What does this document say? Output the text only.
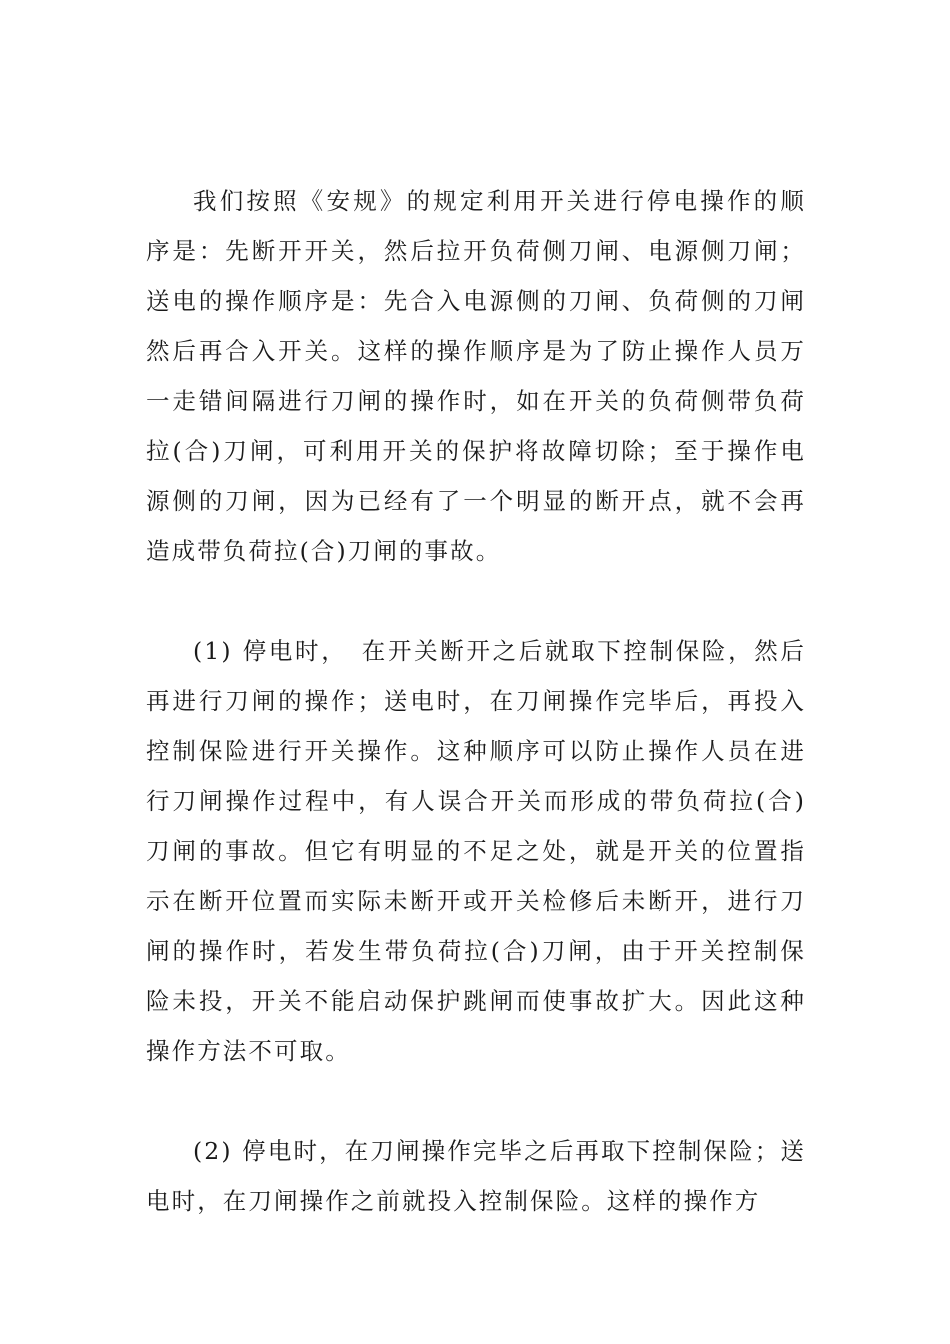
我们按照《安规》的规定利用开关进行停电操作的顺序是：先断开开关，然后拉开负荷侧刀闸、电源侧刀闸；送电的操作顺序是：先合入电源侧的刀闸、负荷侧的刀闸然后再合入开关。这样的操作顺序是为了防止操作人员万一走错间隔进行刀闸的操作时，如在开关的负荷侧带负荷拉(合)刀闸，可利用开关的保护将故障切除；至于操作电源侧的刀闸，因为已经有了一个明显的断开点，就不会再造成带负荷拉(合)刀闸的事故。

(1) 停电时，　在开关断开之后就取下控制保险，然后再进行刀闸的操作；送电时，在刀闸操作完毕后，再投入控制保险进行开关操作。这种顺序可以防止操作人员在进行刀闸操作过程中，有人误合开关而形成的带负荷拉(合)刀闸的事故。但它有明显的不足之处，就是开关的位置指示在断开位置而实际未断开或开关检修后未断开，进行刀闸的操作时，若发生带负荷拉(合)刀闸，由于开关控制保险未投，开关不能启动保护跳闸而使事故扩大。因此这种操作方法不可取。

(2) 停电时，在刀闸操作完毕之后再取下控制保险；送电时，在刀闸操作之前就投入控制保险。这样的操作方
